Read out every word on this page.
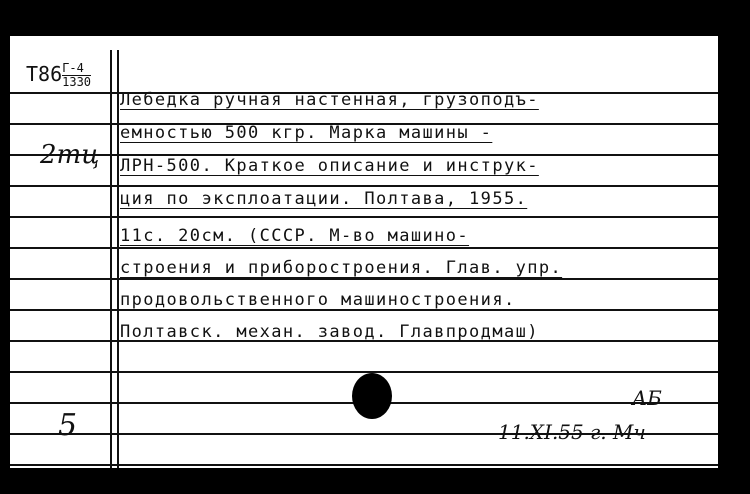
$Т86 \frac{Г-4}{1330}$
2тц
5
Лебедка ручная настенная, грузоподъ-
емностью 500 кгр. Марка машины -
ЛРН-500. Краткое описание и инструк-
ция по эксплоатации. Полтава, 1955.
11с. 20см. (СССР. М-во машино-
строения и приборостроения. Глав. упр.
продовольственного машиностроения.
Полтавск. механ. завод. Главпродмаш)
АБ
11.XI.55 г. Мч
